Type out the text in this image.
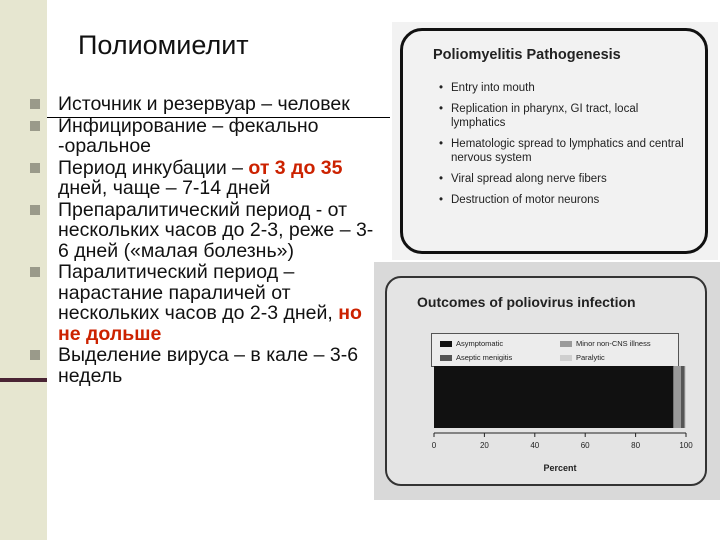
Полиомиелит
Источник и резервуар – человек
Инфицирование – фекально -оральное
Период инкубации – от 3 до 35 дней, чаще – 7-14 дней
Препаралитический период - от нескольких часов до 2-3, реже – 3-6 дней («малая болезнь»)
Паралитический период – нарастание параличей от нескольких часов до 2-3 дней, но не дольше
Выделение вируса – в кале – 3-6 недель
Poliomyelitis Pathogenesis
• Entry into mouth
• Replication in pharynx, GI tract, local lymphatics
• Hematologic spread to lymphatics and central nervous system
• Viral spread along nerve fibers
• Destruction of motor neurons
Outcomes of poliovirus infection
Asymptomatic	Minor non-CNS illness
Aseptic menigitis	Paralytic
0	20	40	60	80	100
Percent
